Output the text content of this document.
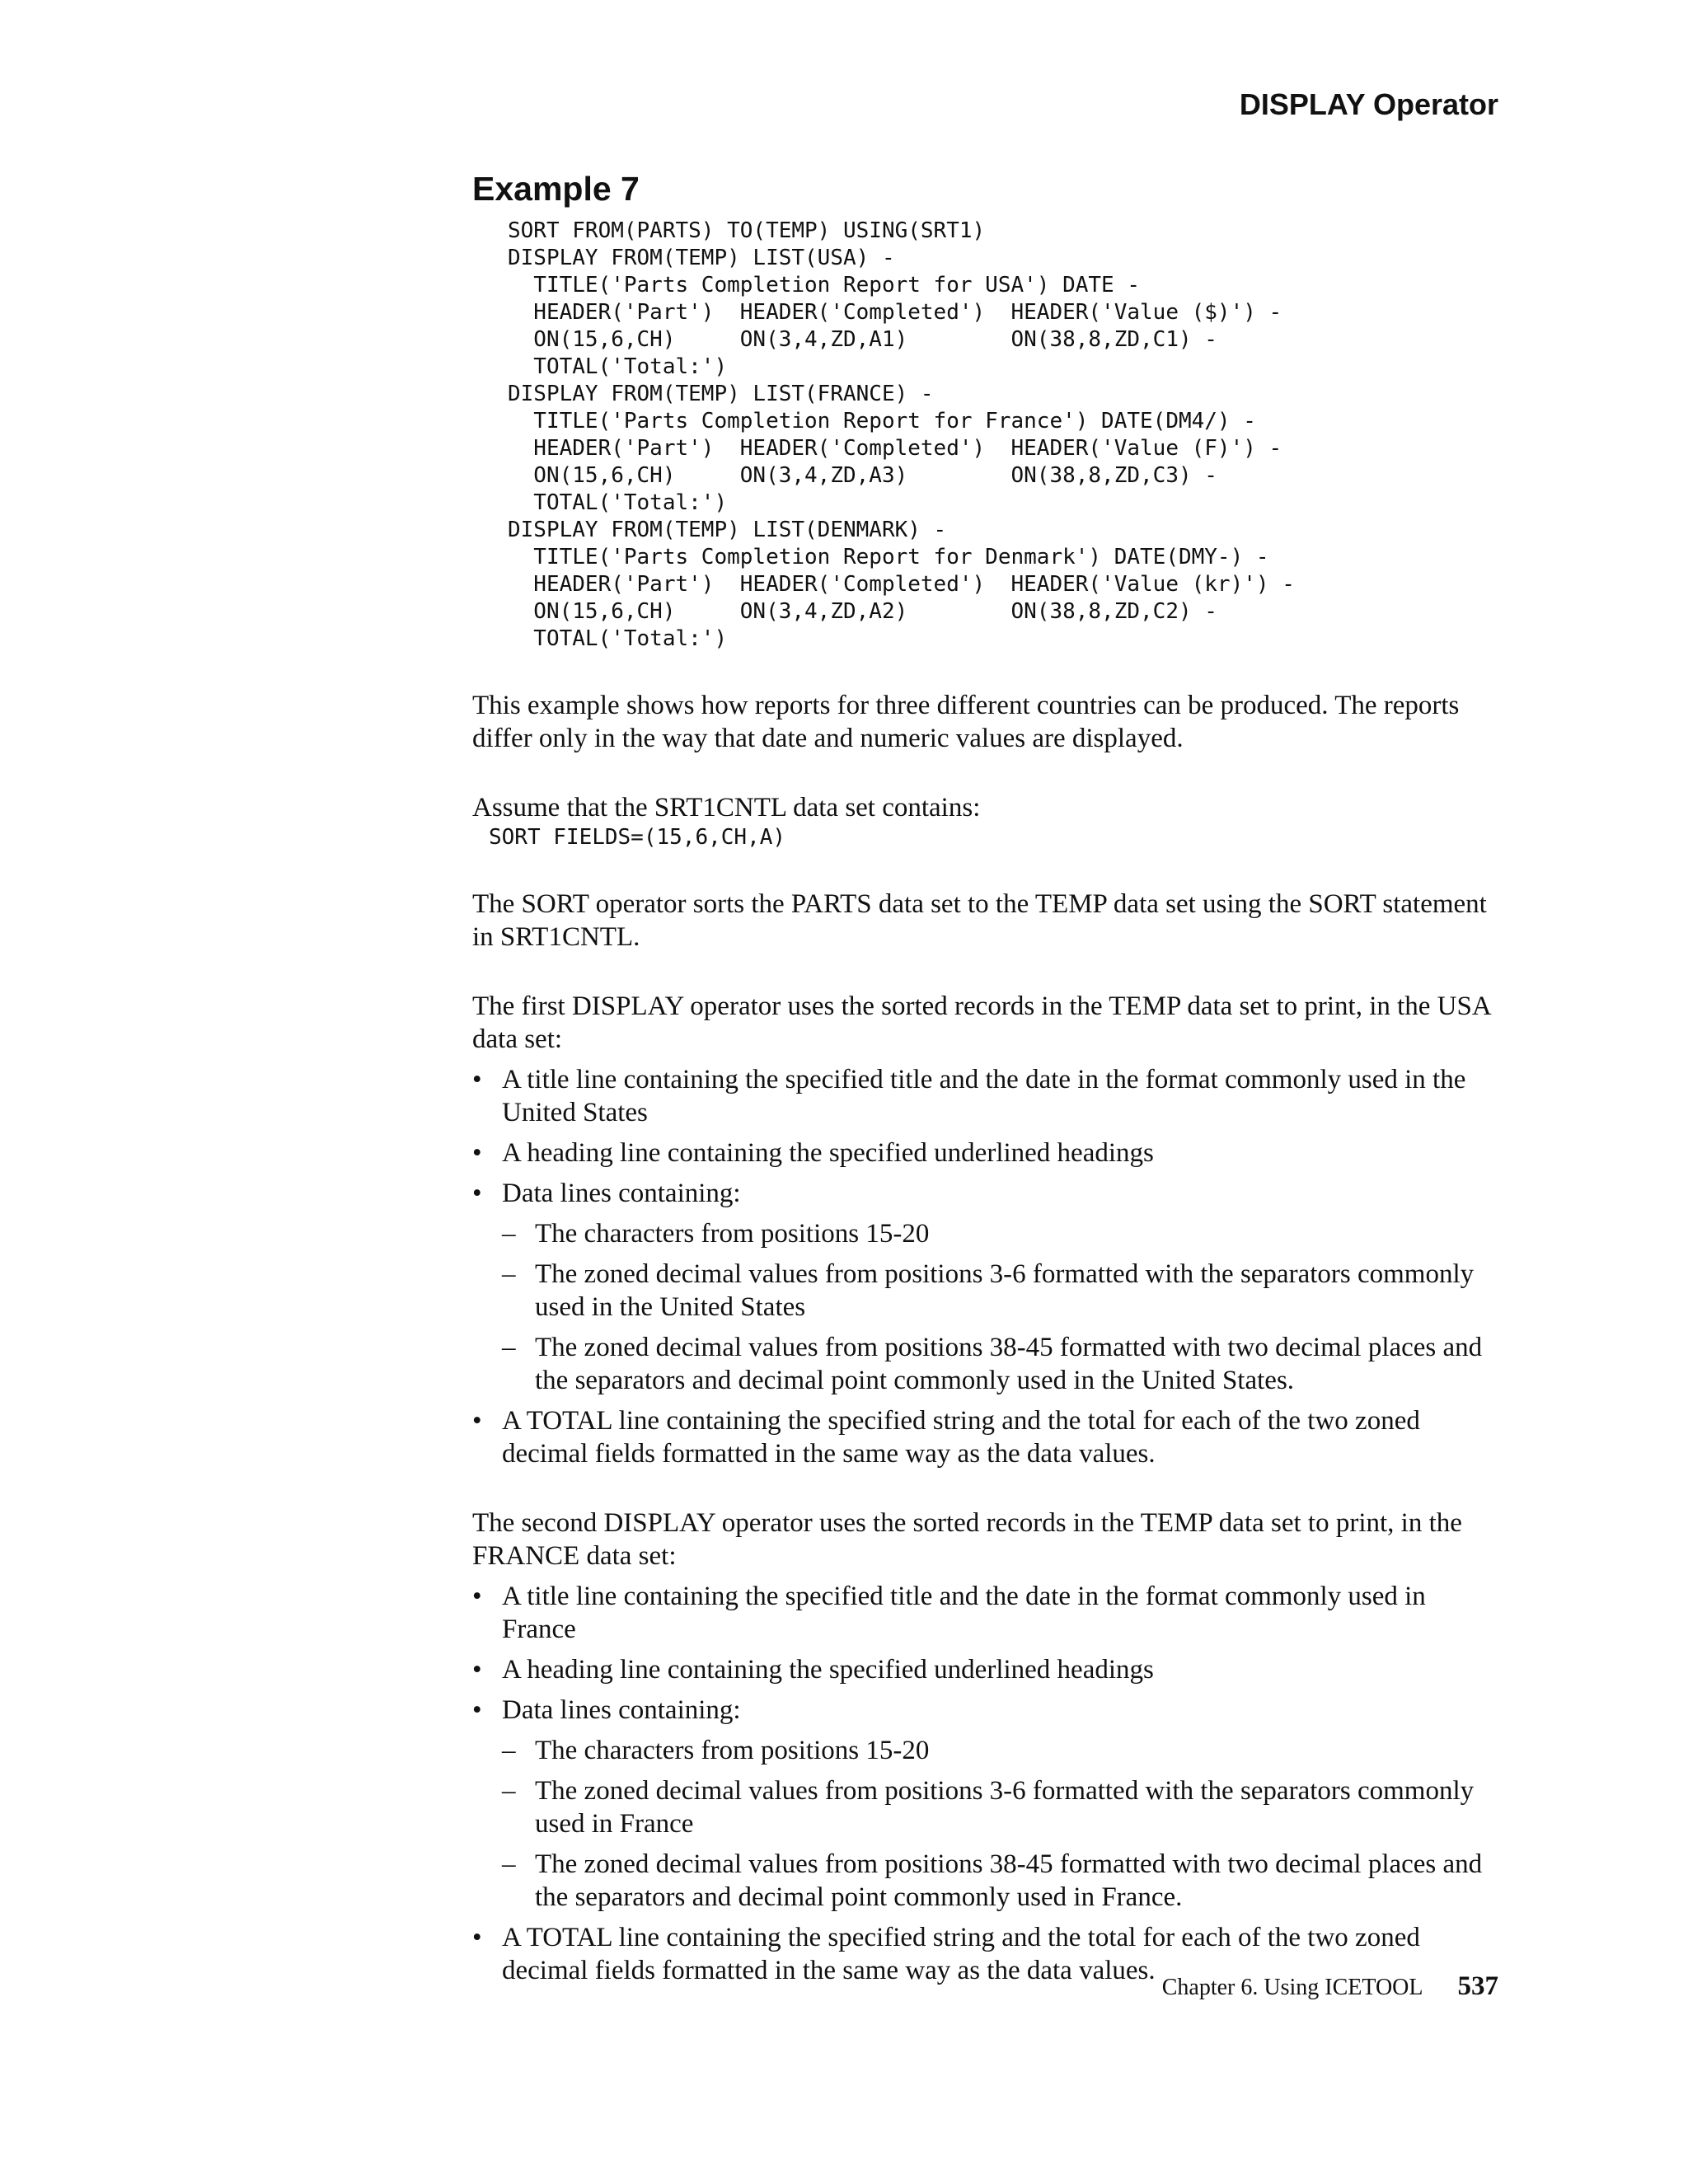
DISPLAY Operator
Example 7
SORT FROM(PARTS) TO(TEMP) USING(SRT1)
DISPLAY FROM(TEMP) LIST(USA) -
TITLE('Parts Completion Report for USA') DATE -
HEADER('Part')  HEADER('Completed')  HEADER('Value ($)') -
ON(15,6,CH)     ON(3,4,ZD,A1)        ON(38,8,ZD,C1) -
TOTAL('Total:')
DISPLAY FROM(TEMP) LIST(FRANCE) -
TITLE('Parts Completion Report for France') DATE(DM4/) -
HEADER('Part')  HEADER('Completed')  HEADER('Value (F)') -
ON(15,6,CH)     ON(3,4,ZD,A3)        ON(38,8,ZD,C3) -
TOTAL('Total:')
DISPLAY FROM(TEMP) LIST(DENMARK) -
TITLE('Parts Completion Report for Denmark') DATE(DMY-) -
HEADER('Part')  HEADER('Completed')  HEADER('Value (kr)') -
ON(15,6,CH)     ON(3,4,ZD,A2)        ON(38,8,ZD,C2) -
TOTAL('Total:')

This example shows how reports for three different countries can be produced. The reports differ only in the way that date and numeric values are displayed.

Assume that the SRT1CNTL data set contains:

SORT FIELDS=(15,6,CH,A)

The SORT operator sorts the PARTS data set to the TEMP data set using the SORT statement in SRT1CNTL.

The first DISPLAY operator uses the sorted records in the TEMP data set to print, in the USA data set:

• A title line containing the specified title and the date in the format commonly used in the United States
• A heading line containing the specified underlined headings
• Data lines containing:
– The characters from positions 15-20
– The zoned decimal values from positions 3-6 formatted with the separators commonly used in the United States
– The zoned decimal values from positions 38-45 formatted with two decimal places and the separators and decimal point commonly used in the United States.
• A TOTAL line containing the specified string and the total for each of the two zoned decimal fields formatted in the same way as the data values.

The second DISPLAY operator uses the sorted records in the TEMP data set to print, in the FRANCE data set:

• A title line containing the specified title and the date in the format commonly used in France
• A heading line containing the specified underlined headings
• Data lines containing:
– The characters from positions 15-20
– The zoned decimal values from positions 3-6 formatted with the separators commonly used in France
– The zoned decimal values from positions 38-45 formatted with two decimal places and the separators and decimal point commonly used in France.
• A TOTAL line containing the specified string and the total for each of the two zoned decimal fields formatted in the same way as the data values.
Chapter 6. Using ICETOOL 537
